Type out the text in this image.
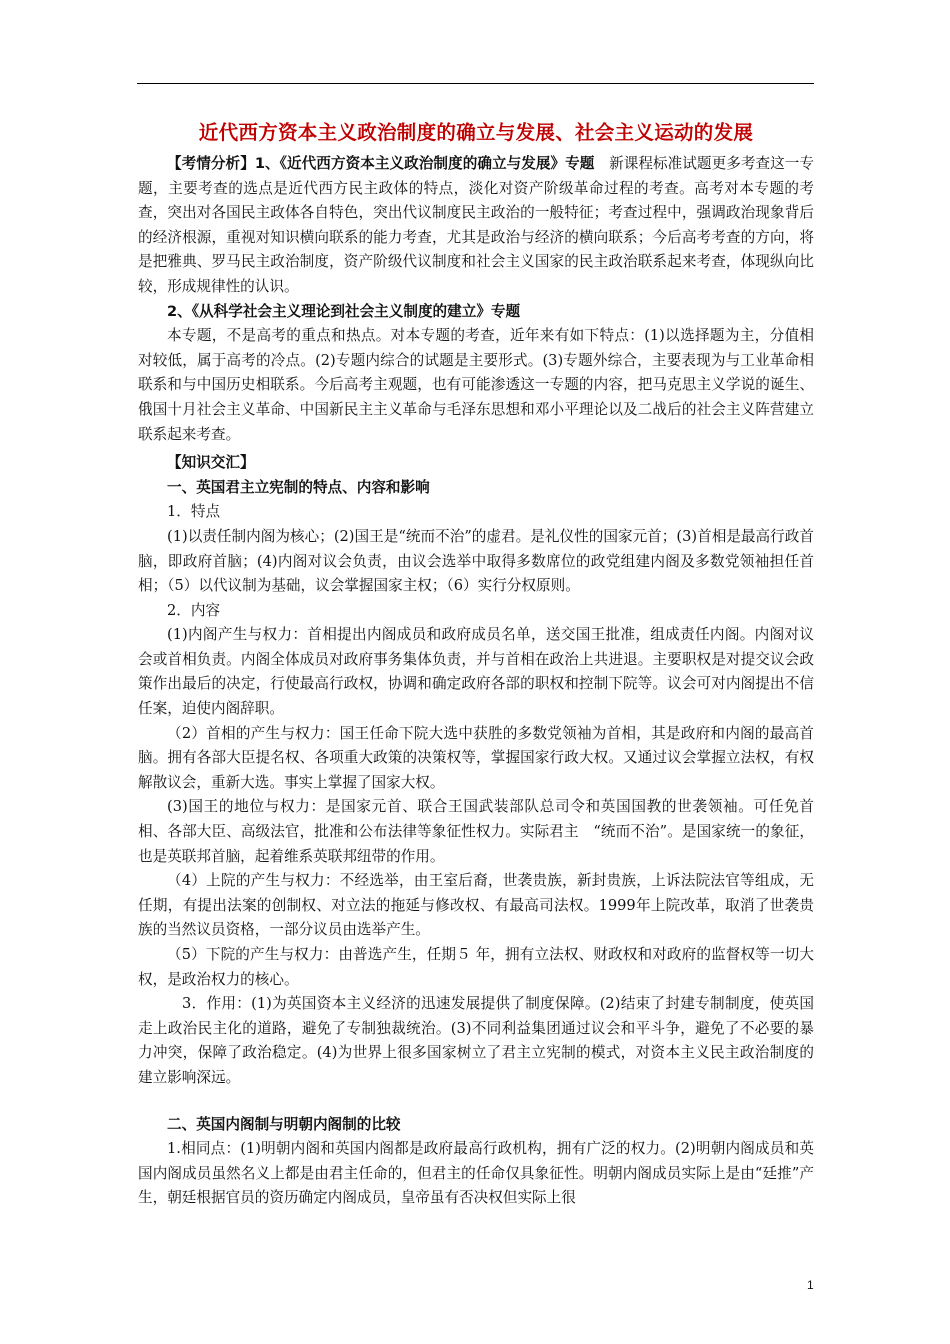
近代西方资本主义政治制度的确立与发展、社会主义运动的发展

【考情分析】1、《近代西方资本主义政治制度的确立与发展》专题　新课程标准试题更多考查这一专题，主要考查的选点是近代西方民主政体的特点，淡化对资产阶级革命过程的考查。高考对本专题的考查，突出对各国民主政体各自特色，突出代议制度民主政治的一般特征；考查过程中，强调政治现象背后的经济根源，重视对知识横向联系的能力考查，尤其是政治与经济的横向联系；今后高考考查的方向，将是把雅典、罗马民主政治制度，资产阶级代议制度和社会主义国家的民主政治联系起来考查，体现纵向比较，形成规律性的认识。

2、《从科学社会主义理论到社会主义制度的建立》专题

本专题，不是高考的重点和热点。对本专题的考查，近年来有如下特点：(1)以选择题为主，分值相对较低，属于高考的冷点。(2)专题内综合的试题是主要形式。(3)专题外综合，主要表现为与工业革命相联系和与中国历史相联系。今后高考主观题，也有可能渗透这一专题的内容，把马克思主义学说的诞生、俄国十月社会主义革命、中国新民主主义革命与毛泽东思想和邓小平理论以及二战后的社会主义阵营建立联系起来考查。

【知识交汇】

一、英国君主立宪制的特点、内容和影响

1．特点

(1)以责任制内阁为核心；(2)国王是“统而不治”的虚君。是礼仪性的国家元首；(3)首相是最高行政首脑，即政府首脑；(4)内阁对议会负责，由议会选举中取得多数席位的政党组建内阁及多数党领袖担任首相；（5）以代议制为基础，议会掌握国家主权；（6）实行分权原则。

2．内容

(1)内阁产生与权力：首相提出内阁成员和政府成员名单，送交国王批准，组成责任内阁。内阁对议会或首相负责。内阁全体成员对政府事务集体负责，并与首相在政治上共进退。主要职权是对提交议会政策作出最后的决定，行使最高行政权，协调和确定政府各部的职权和控制下院等。议会可对内阁提出不信任案，迫使内阁辞职。

（2）首相的产生与权力：国王任命下院大选中获胜的多数党领袖为首相，其是政府和内阁的最高首脑。拥有各部大臣提名权、各项重大政策的决策权等，掌握国家行政大权。又通过议会掌握立法权，有权解散议会，重新大选。事实上掌握了国家大权。

(3)国王的地位与权力：是国家元首、联合王国武装部队总司令和英国国教的世袭领袖。可任免首相、各部大臣、高级法官，批准和公布法律等象征性权力。实际君主　“统而不治”。是国家统一的象征，也是英联邦首脑，起着维系英联邦纽带的作用。

（4）上院的产生与权力：不经选举，由王室后裔，世袭贵族，新封贵族，上诉法院法官等组成，无任期，有提出法案的创制权、对立法的拖延与修改权、有最高司法权。1999年上院改革，取消了世袭贵族的当然议员资格，一部分议员由选举产生。

（5）下院的产生与权力：由普选产生，任期５ 年，拥有立法权、财政权和对政府的监督权等一切大权，是政治权力的核心。

3．作用：(1)为英国资本主义经济的迅速发展提供了制度保障。(2)结束了封建专制制度，使英国走上政治民主化的道路，避免了专制独裁统治。(3)不同利益集团通过议会和平斗争，避免了不必要的暴力冲突，保障了政治稳定。(4)为世界上很多国家树立了君主立宪制的模式，对资本主义民主政治制度的建立影响深远。

二、英国内阁制与明朝内阁制的比较

1.相同点：(1)明朝内阁和英国内阁都是政府最高行政机构，拥有广泛的权力。(2)明朝内阁成员和英国内阁成员虽然名义上都是由君主任命的，但君主的任命仅具象征性。明朝内阁成员实际上是由“廷推”产生，朝廷根据官员的资历确定内阁成员，皇帝虽有否决权但实际上很

1
